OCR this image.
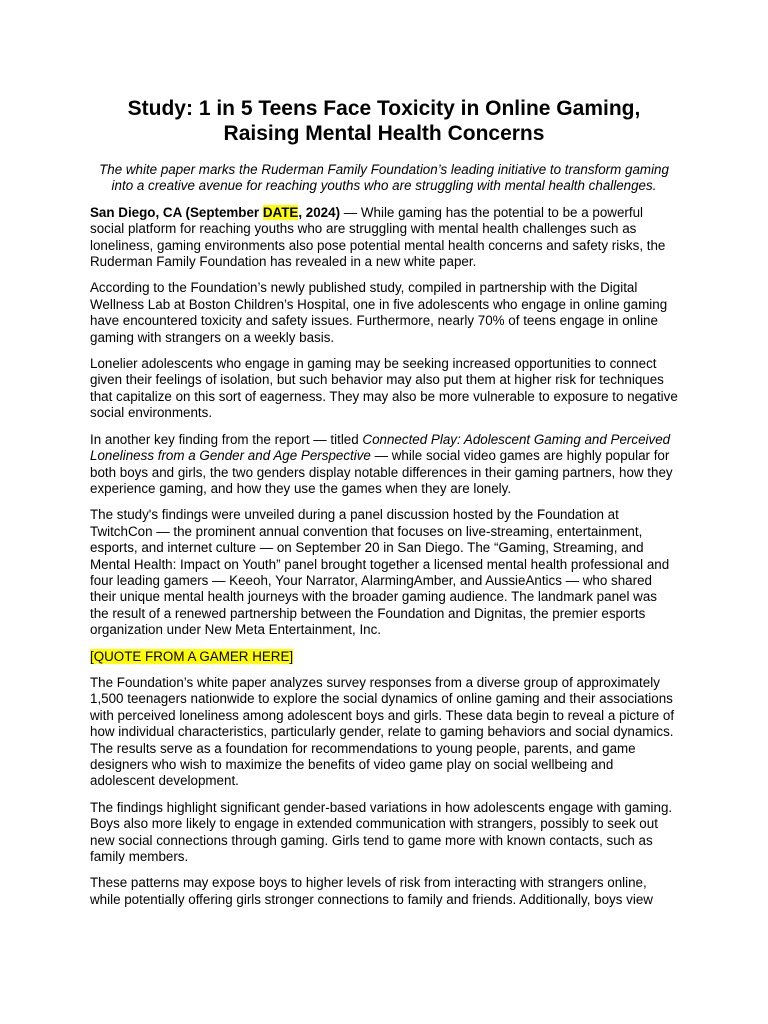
Study: 1 in 5 Teens Face Toxicity in Online Gaming,
Raising Mental Health Concerns

The white paper marks the Ruderman Family Foundation’s leading initiative to transform gaming into a creative avenue for reaching youths who are struggling with mental health challenges.

San Diego, CA (September DATE, 2024) — While gaming has the potential to be a powerful social platform for reaching youths who are struggling with mental health challenges such as loneliness, gaming environments also pose potential mental health concerns and safety risks, the Ruderman Family Foundation has revealed in a new white paper.

According to the Foundation’s newly published study, compiled in partnership with the Digital Wellness Lab at Boston Children’s Hospital, one in five adolescents who engage in online gaming have encountered toxicity and safety issues. Furthermore, nearly 70% of teens engage in online gaming with strangers on a weekly basis.

Lonelier adolescents who engage in gaming may be seeking increased opportunities to connect given their feelings of isolation, but such behavior may also put them at higher risk for techniques that capitalize on this sort of eagerness. They may also be more vulnerable to exposure to negative social environments.

In another key finding from the report — titled Connected Play: Adolescent Gaming and Perceived Loneliness from a Gender and Age Perspective — while social video games are highly popular for both boys and girls, the two genders display notable differences in their gaming partners, how they experience gaming, and how they use the games when they are lonely.

The study's findings were unveiled during a panel discussion hosted by the Foundation at TwitchCon — the prominent annual convention that focuses on live-streaming, entertainment, esports, and internet culture — on September 20 in San Diego. The “Gaming, Streaming, and Mental Health: Impact on Youth” panel brought together a licensed mental health professional and four leading gamers — Keeoh, Your Narrator, AlarmingAmber, and AussieAntics — who shared their unique mental health journeys with the broader gaming audience. The landmark panel was the result of a renewed partnership between the Foundation and Dignitas, the premier esports organization under New Meta Entertainment, Inc.

[QUOTE FROM A GAMER HERE]

The Foundation’s white paper analyzes survey responses from a diverse group of approximately 1,500 teenagers nationwide to explore the social dynamics of online gaming and their associations with perceived loneliness among adolescent boys and girls. These data begin to reveal a picture of how individual characteristics, particularly gender, relate to gaming behaviors and social dynamics. The results serve as a foundation for recommendations to young people, parents, and game designers who wish to maximize the benefits of video game play on social wellbeing and adolescent development.

The findings highlight significant gender-based variations in how adolescents engage with gaming. Boys also more likely to engage in extended communication with strangers, possibly to seek out new social connections through gaming. Girls tend to game more with known contacts, such as family members.

These patterns may expose boys to higher levels of risk from interacting with strangers online, while potentially offering girls stronger connections to family and friends. Additionally, boys view
